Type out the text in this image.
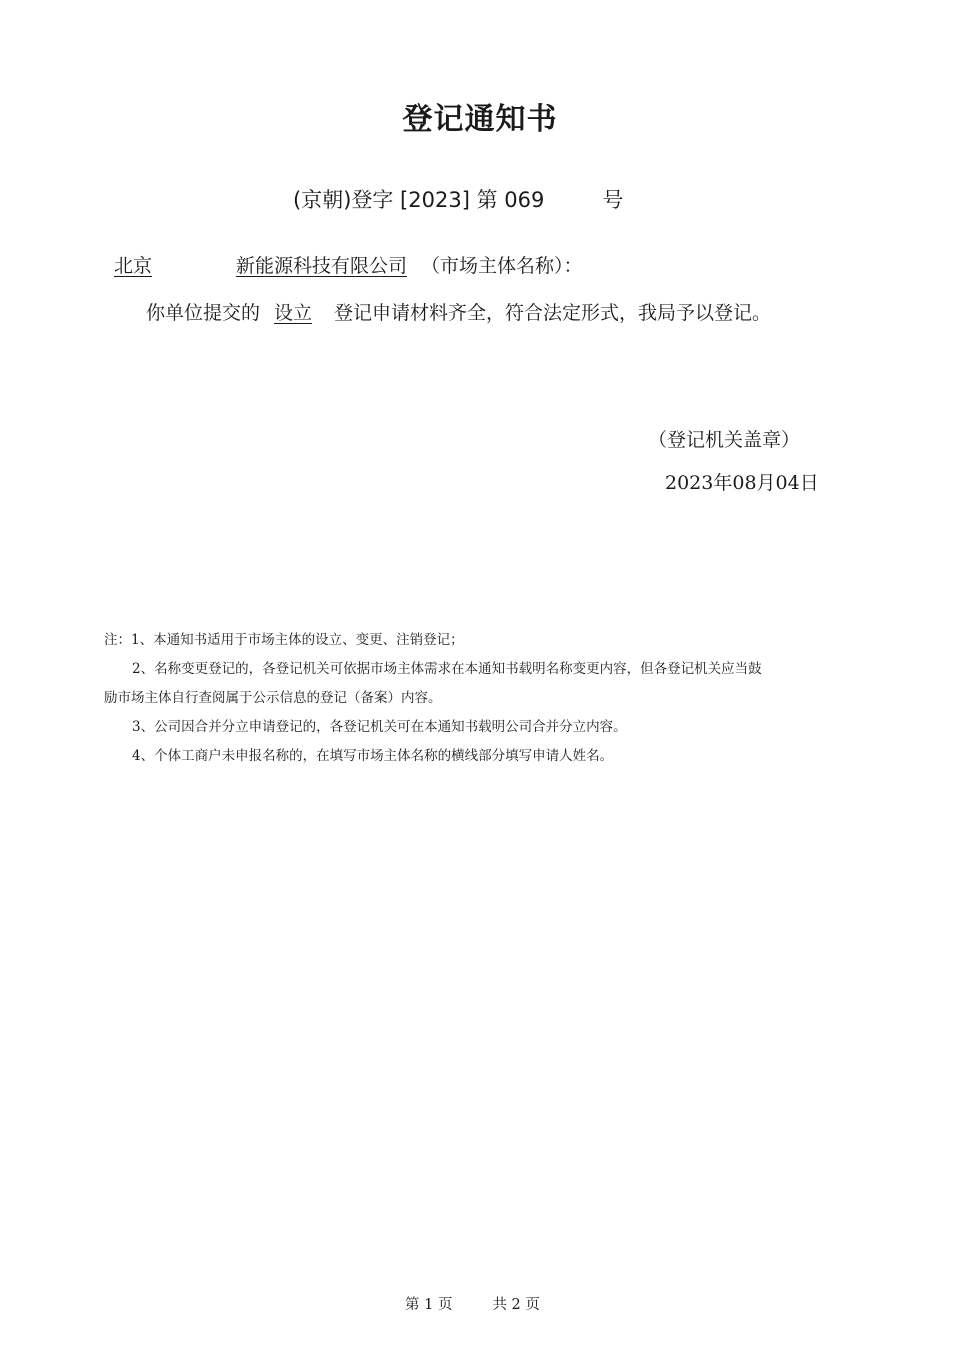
登记通知书
(京朝)登字 [2023] 第 069	号
北京	新能源科技有限公司 （市场主体名称）：
你单位提交的 设立 登记申请材料齐全，符合法定形式，我局予以登记。
（登记机关盖章）
2023年08月04日
注：1、本通知书适用于市场主体的设立、变更、注销登记；
2、名称变更登记的，各登记机关可依据市场主体需求在本通知书载明名称变更内容，但各登记机关应当鼓
励市场主体自行查阅属于公示信息的登记（备案）内容。
3、公司因合并分立申请登记的，各登记机关可在本通知书载明公司合并分立内容。
4、个体工商户未申报名称的，在填写市场主体名称的横线部分填写申请人姓名。
第 1 页	共 2 页
